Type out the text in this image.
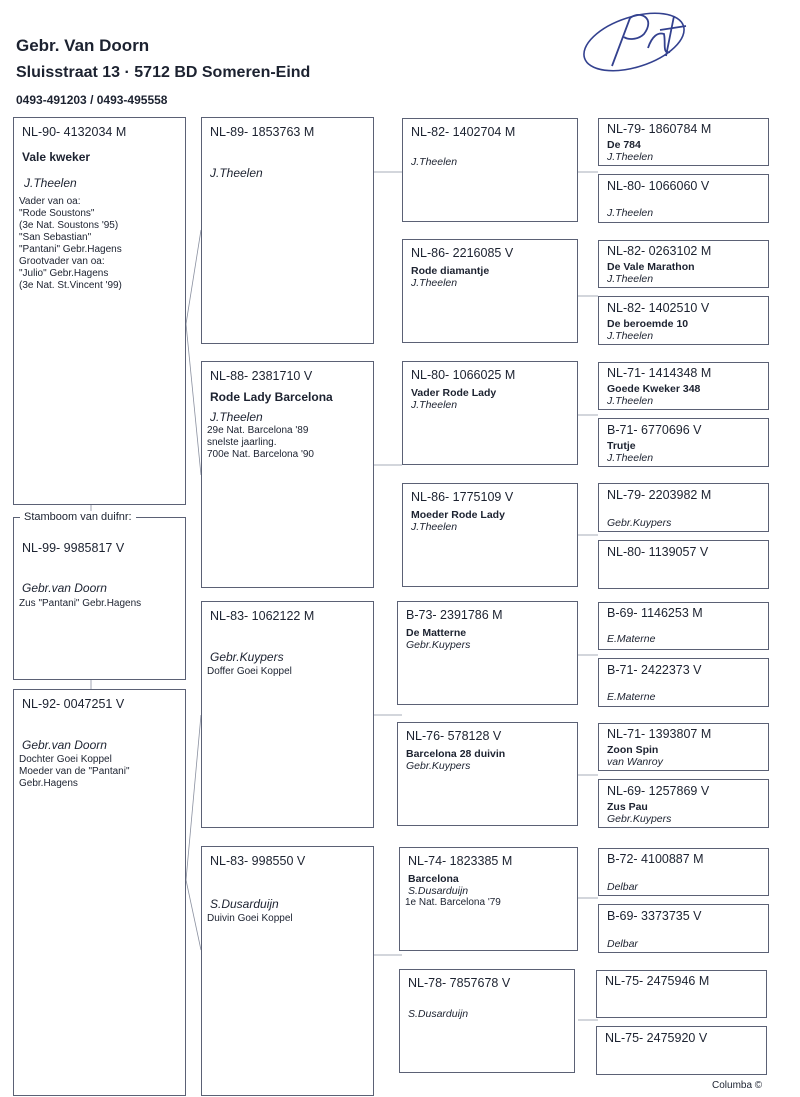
Gebr. Van Doorn
Sluisstraat 13 · 5712 BD Someren-Eind
0493-491203 / 0493-495558
NL-90- 4132034 M
Vale kweker
J.Theelen
Vader van oa:
"Rode Soustons"
(3e Nat. Soustons '95)
"San Sebastian"
"Pantani" Gebr.Hagens
Grootvader van oa:
"Julio" Gebr.Hagens
(3e Nat. St.Vincent '99)
NL-99- 9985817 V
Gebr.van Doorn
Zus "Pantani" Gebr.Hagens
Stamboom van duifnr:
NL-92- 0047251 V
Gebr.van Doorn
Dochter Goei Koppel
Moeder van de "Pantani"
Gebr.Hagens
NL-89- 1853763 M
J.Theelen
NL-88- 2381710 V
Rode Lady Barcelona
J.Theelen
29e Nat. Barcelona '89
snelste jaarling.
700e Nat. Barcelona '90
NL-83- 1062122 M
Gebr.Kuypers
Doffer Goei Koppel
NL-83- 998550 V
S.Dusarduijn
Duivin Goei Koppel
NL-82- 1402704 M
J.Theelen
NL-86- 2216085 V
Rode diamantje
J.Theelen
NL-80- 1066025 M
Vader Rode Lady
J.Theelen
NL-86- 1775109 V
Moeder Rode Lady
J.Theelen
B-73- 2391786 M
De Matterne
Gebr.Kuypers
NL-76- 578128 V
Barcelona 28 duivin
Gebr.Kuypers
NL-74- 1823385 M
Barcelona
S.Dusarduijn
1e Nat. Barcelona '79
NL-78- 7857678 V
S.Dusarduijn
NL-79- 1860784 M
De 784
J.Theelen
NL-80- 1066060 V
J.Theelen
NL-82- 0263102 M
De Vale Marathon
J.Theelen
NL-82- 1402510 V
De beroemde 10
J.Theelen
NL-71- 1414348 M
Goede Kweker 348
J.Theelen
B-71- 6770696 V
Trutje
J.Theelen
NL-79- 2203982 M
Gebr.Kuypers
NL-80- 1139057 V
B-69- 1146253 M
E.Materne
B-71- 2422373 V
E.Materne
NL-71- 1393807 M
Zoon Spin
van Wanroy
NL-69- 1257869 V
Zus Pau
Gebr.Kuypers
B-72- 4100887 M
Delbar
B-69- 3373735 V
Delbar
NL-75- 2475946 M
NL-75- 2475920 V
Columba ©
